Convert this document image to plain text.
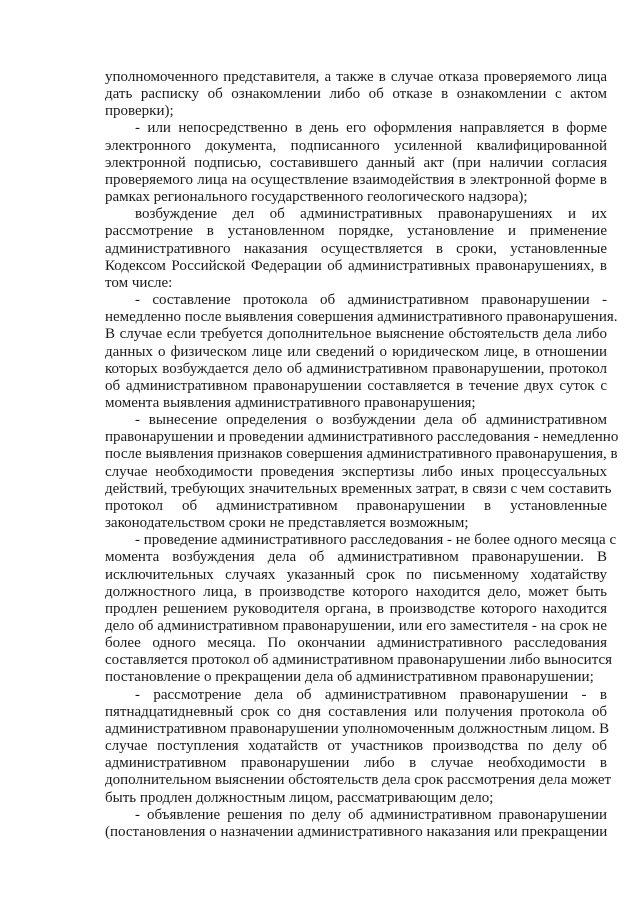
уполномоченного представителя, а также в случае отказа проверяемого лица
дать расписку об ознакомлении либо об отказе в ознакомлении с актом
проверки);
- или непосредственно в день его оформления направляется в форме
электронного документа, подписанного усиленной квалифицированной
электронной подписью, составившего данный акт (при наличии согласия
проверяемого лица на осуществление взаимодействия в электронной форме в
рамках регионального государственного геологического надзора);
возбуждение дел об административных правонарушениях и их
рассмотрение в установленном порядке, установление и применение
административного наказания осуществляется в сроки, установленные
Кодексом Российской Федерации об административных правонарушениях, в
том числе:
- составление протокола об административном правонарушении -
немедленно после выявления совершения административного правонарушения.
В случае если требуется дополнительное выяснение обстоятельств дела либо
данных о физическом лице или сведений о юридическом лице, в отношении
которых возбуждается дело об административном правонарушении, протокол
об административном правонарушении составляется в течение двух суток с
момента выявления административного правонарушения;
- вынесение определения о возбуждении дела об административном
правонарушении и проведении административного расследования - немедленно
после выявления признаков совершения административного правонарушения, в
случае необходимости проведения экспертизы либо иных процессуальных
действий, требующих значительных временных затрат, в связи с чем составить
протокол об административном правонарушении в установленные
законодательством сроки не представляется возможным;
- проведение административного расследования - не более одного месяца с
момента возбуждения дела об административном правонарушении. В
исключительных случаях указанный срок по письменному ходатайству
должностного лица, в производстве которого находится дело, может быть
продлен решением руководителя органа, в производстве которого находится
дело об административном правонарушении, или его заместителя - на срок не
более одного месяца. По окончании административного расследования
составляется протокол об административном правонарушении либо выносится
постановление о прекращении дела об административном правонарушении;
- рассмотрение дела об административном правонарушении - в
пятнадцатидневный срок со дня составления или получения протокола об
административном правонарушении уполномоченным должностным лицом. В
случае поступления ходатайств от участников производства по делу об
административном правонарушении либо в случае необходимости в
дополнительном выяснении обстоятельств дела срок рассмотрения дела может
быть продлен должностным лицом, рассматривающим дело;
- объявление решения по делу об административном правонарушении
(постановления о назначении административного наказания или прекращении
